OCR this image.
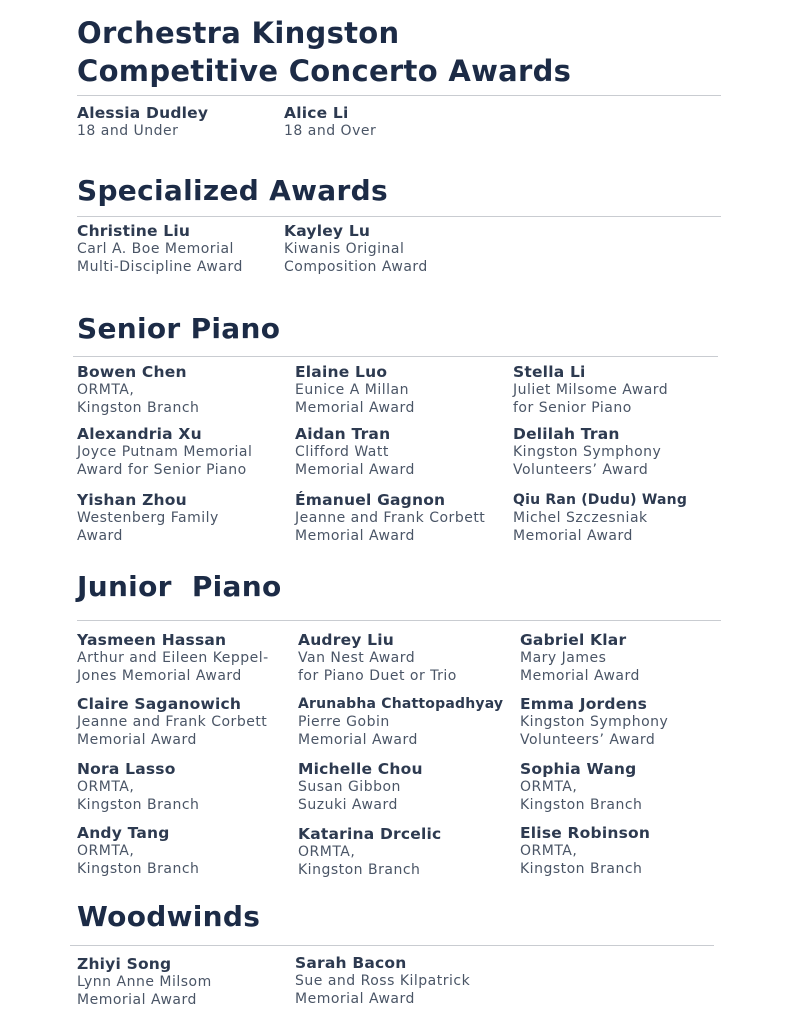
Orchestra Kingston
Competitive Concerto Awards
Alessia Dudley
18 and Under
Alice Li
18 and Over
Specialized Awards
Christine Liu
Carl A. Boe Memorial
Multi-Discipline Award
Kayley Lu
Kiwanis Original
Composition Award
Senior Piano
Bowen Chen
ORMTA,
Kingston Branch
Elaine Luo
Eunice A Millan
Memorial Award
Stella Li
Juliet Milsome Award
for Senior Piano
Alexandria Xu
Joyce Putnam Memorial
Award for Senior Piano
Aidan Tran
Clifford Watt
Memorial Award
Delilah Tran
Kingston Symphony
Volunteers’ Award
Yishan Zhou
Westenberg Family
Award
Émanuel Gagnon
Jeanne and Frank Corbett
Memorial Award
Qiu Ran (Dudu) Wang
Michel Szczesniak
Memorial Award
Junior  Piano
Yasmeen Hassan
Arthur and Eileen Keppel-
Jones Memorial Award
Audrey Liu
Van Nest Award
for Piano Duet or Trio
Gabriel Klar
Mary James
Memorial Award
Claire Saganowich
Jeanne and Frank Corbett
Memorial Award
Arunabha Chattopadhyay
Pierre Gobin
Memorial Award
Emma Jordens
Kingston Symphony
Volunteers’ Award
Nora Lasso
ORMTA,
Kingston Branch
Michelle Chou
Susan Gibbon
Suzuki Award
Sophia Wang
ORMTA,
Kingston Branch
Andy Tang
ORMTA,
Kingston Branch
Katarina Drcelic
ORMTA,
Kingston Branch
Elise Robinson
ORMTA,
Kingston Branch
Woodwinds
Zhiyi Song
Lynn Anne Milsom
Memorial Award
Sarah Bacon
Sue and Ross Kilpatrick
Memorial Award
